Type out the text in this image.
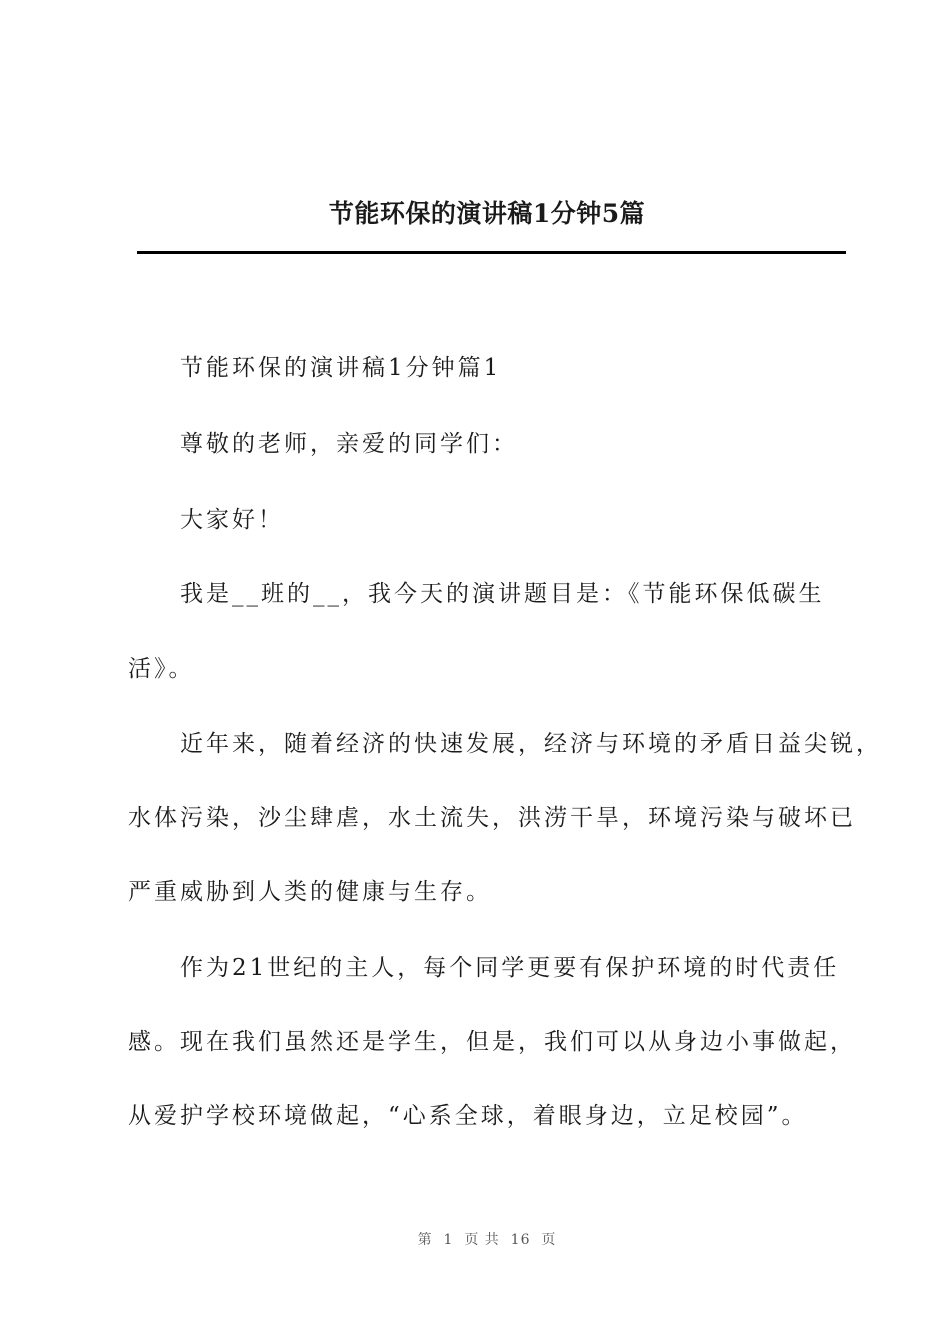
节能环保的演讲稿1分钟5篇
节能环保的演讲稿1分钟篇1
尊敬的老师，亲爱的同学们：
大家好！
我是__班的__，我今天的演讲题目是：《节能环保低碳生
活》。
近年来，随着经济的快速发展，经济与环境的矛盾日益尖锐，
水体污染，沙尘肆虐，水土流失，洪涝干旱，环境污染与破坏已
严重威胁到人类的健康与生存。
作为21世纪的主人，每个同学更要有保护环境的时代责任
感。现在我们虽然还是学生，但是，我们可以从身边小事做起，
从爱护学校环境做起，“心系全球，着眼身边，立足校园”。
第  1  页 共  16  页
